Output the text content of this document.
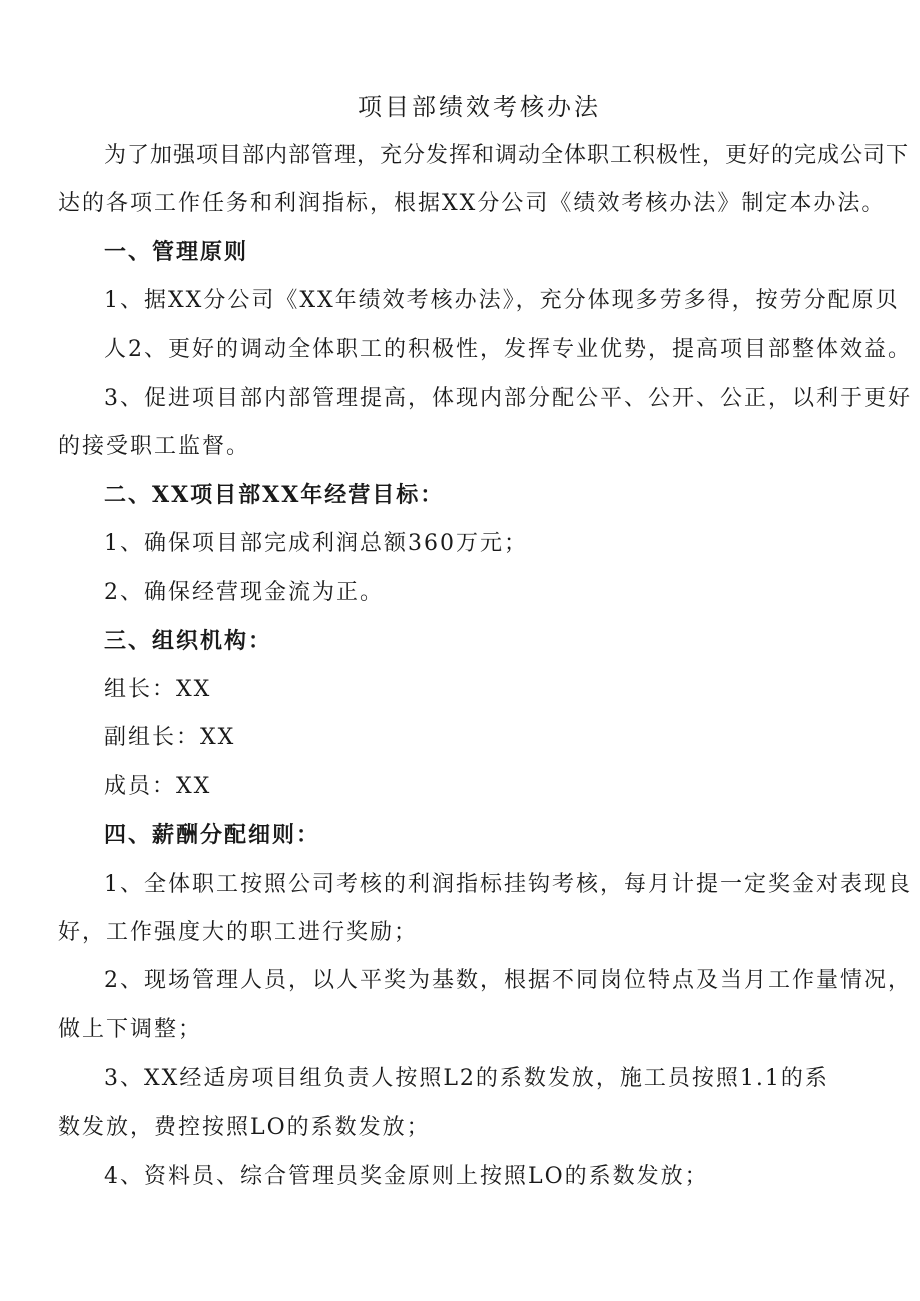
项目部绩效考核办法
为了加强项目部内部管理，充分发挥和调动全体职工积极性，更好的完成公司下
达的各项工作任务和利润指标，根据XX分公司《绩效考核办法》制定本办法。
一、管理原则
1、据XX分公司《XX年绩效考核办法》，充分体现多劳多得，按劳分配原贝
人2、更好的调动全体职工的积极性，发挥专业优势，提高项目部整体效益。
3、促进项目部内部管理提高，体现内部分配公平、公开、公正，以利于更好
的接受职工监督。
二、XX项目部XX年经营目标：
1、确保项目部完成利润总额360万元；
2、确保经营现金流为正。
三、组织机构：
组长：XX
副组长：XX
成员：XX
四、薪酬分配细则：
1、全体职工按照公司考核的利润指标挂钩考核，每月计提一定奖金对表现良
好，工作强度大的职工进行奖励；
2、现场管理人员，以人平奖为基数，根据不同岗位特点及当月工作量情况，
做上下调整；
3、XX经适房项目组负责人按照L2的系数发放，施工员按照1.1的系
数发放，费控按照LO的系数发放；
4、资料员、综合管理员奖金原则上按照LO的系数发放；
